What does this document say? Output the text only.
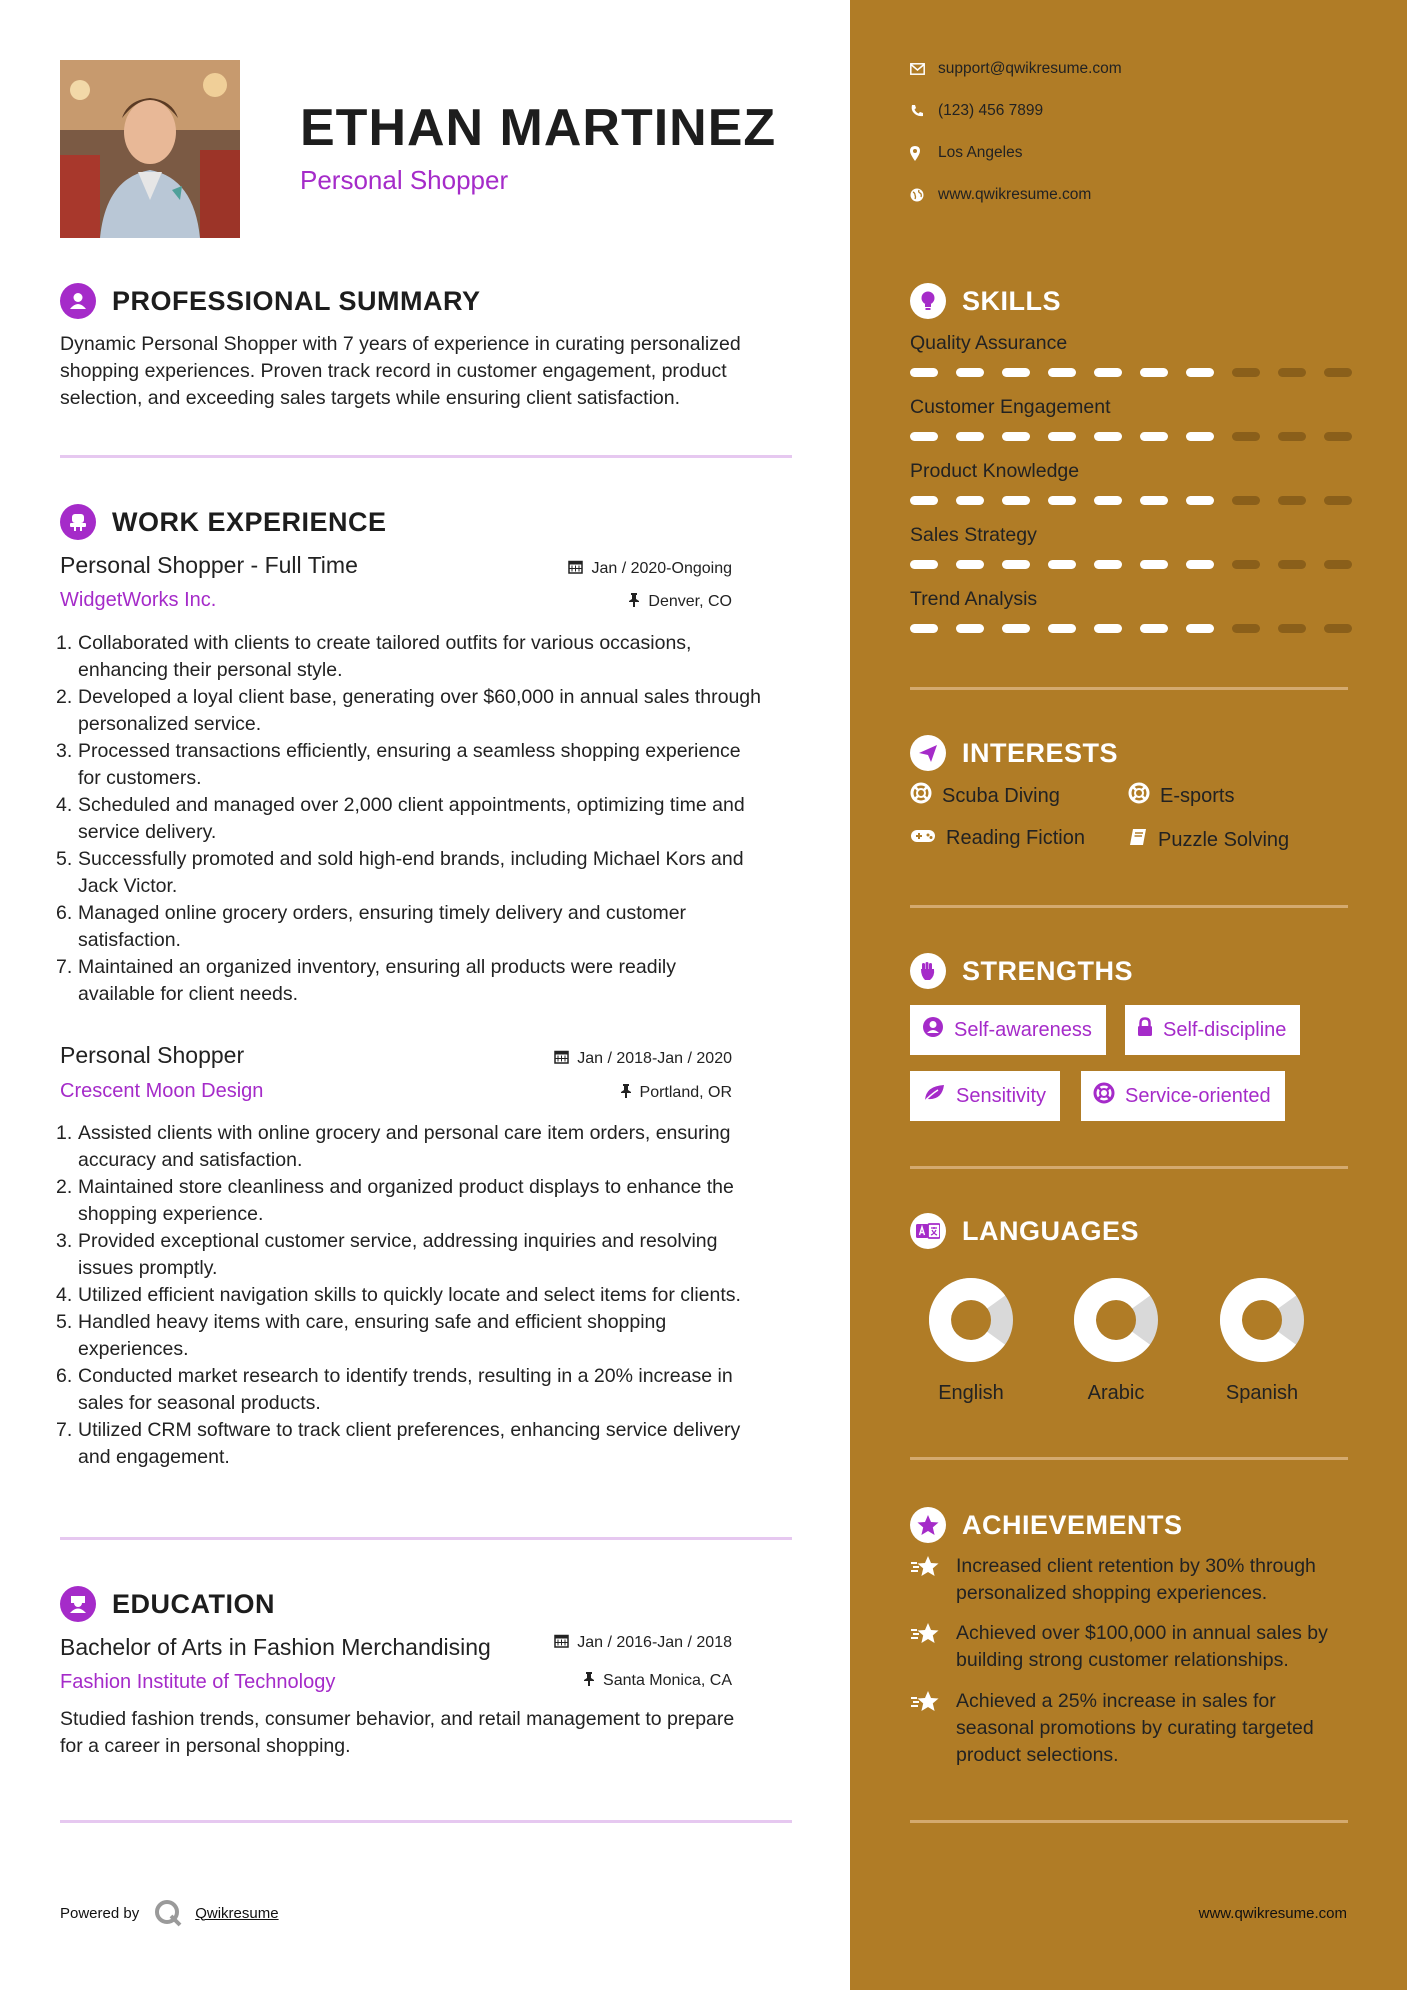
ETHAN MARTINEZ
Personal Shopper
PROFESSIONAL SUMMARY
Dynamic Personal Shopper with 7 years of experience in curating personalized
shopping experiences. Proven track record in customer engagement, product
selection, and exceeding sales targets while ensuring client satisfaction.
WORK EXPERIENCE
Personal Shopper - Full Time	Jan / 2020-Ongoing
WidgetWorks Inc.	Denver, CO
1. Collaborated with clients to create tailored outfits for various occasions,
enhancing their personal style.
2. Developed a loyal client base, generating over $60,000 in annual sales through
personalized service.
3. Processed transactions efficiently, ensuring a seamless shopping experience
for customers.
4. Scheduled and managed over 2,000 client appointments, optimizing time and
service delivery.
5. Successfully promoted and sold high-end brands, including Michael Kors and
Jack Victor.
6. Managed online grocery orders, ensuring timely delivery and customer
satisfaction.
7. Maintained an organized inventory, ensuring all products were readily
available for client needs.
Personal Shopper	Jan / 2018-Jan / 2020
Crescent Moon Design	Portland, OR
1. Assisted clients with online grocery and personal care item orders, ensuring
accuracy and satisfaction.
2. Maintained store cleanliness and organized product displays to enhance the
shopping experience.
3. Provided exceptional customer service, addressing inquiries and resolving
issues promptly.
4. Utilized efficient navigation skills to quickly locate and select items for clients.
5. Handled heavy items with care, ensuring safe and efficient shopping
experiences.
6. Conducted market research to identify trends, resulting in a 20% increase in
sales for seasonal products.
7. Utilized CRM software to track client preferences, enhancing service delivery
and engagement.
EDUCATION
Bachelor of Arts in Fashion Merchandising	Jan / 2016-Jan / 2018
Fashion Institute of Technology	Santa Monica, CA
Studied fashion trends, consumer behavior, and retail management to prepare
for a career in personal shopping.
Powered by	Qwikresume
support@qwikresume.com
(123) 456 7899
Los Angeles
www.qwikresume.com
SKILLS
Quality Assurance
Customer Engagement
Product Knowledge
Sales Strategy
Trend Analysis
INTERESTS
Scuba Diving	E-sports
Reading Fiction	Puzzle Solving
STRENGTHS
Self-awareness	Self-discipline
Sensitivity	Service-oriented
LANGUAGES
English	Arabic	Spanish
ACHIEVEMENTS
Increased client retention by 30% through
personalized shopping experiences.
Achieved over $100,000 in annual sales by
building strong customer relationships.
Achieved a 25% increase in sales for
seasonal promotions by curating targeted
product selections.
www.qwikresume.com
